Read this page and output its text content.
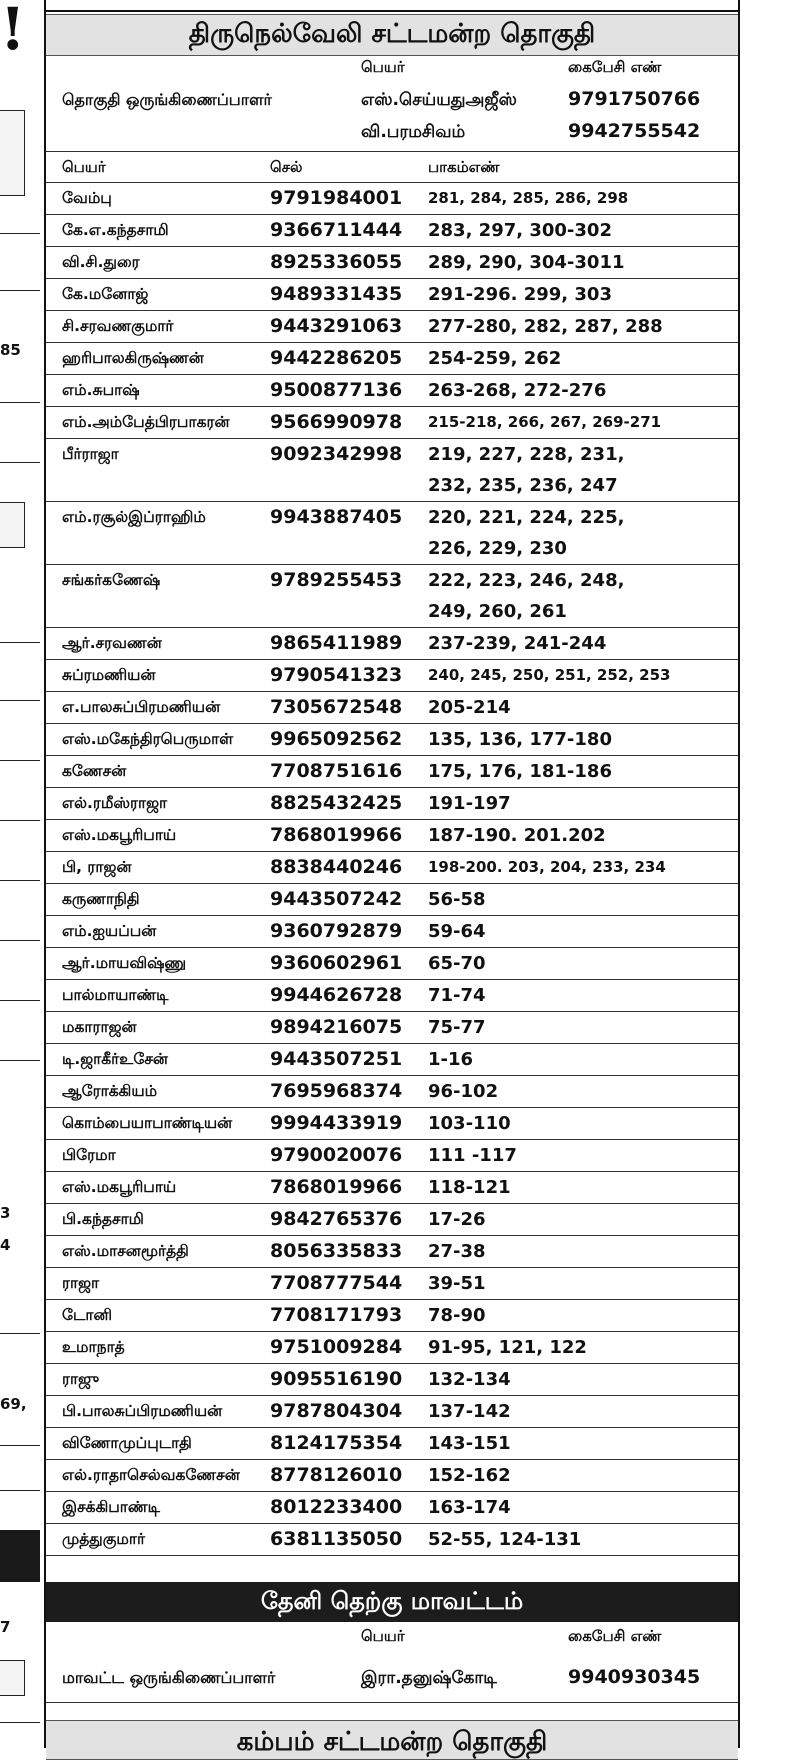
!
85
3
4
69,
7
திருநெல்வேலி சட்டமன்ற தொகுதி
பெயர்	கைபேசி எண்
தொகுதி ஒருங்கிணைப்பாளர்	எஸ்.செய்யதுஅஜீஸ்	9791750766
வி.பரமசிவம்	9942755542
பெயர்	செல்	பாகம்எண்
வேம்பு	9791984001	281, 284, 285, 286, 298

கே.எ.கந்தசாமி	9366711444	283, 297, 300-302

வி.சி.துரை	8925336055	289, 290, 304-3011

கே.மனோஜ்	9489331435	291-296. 299, 303

சி.சரவணகுமார்	9443291063	277-280, 282, 287, 288

ஹரிபாலகிருஷ்ணன்	9442286205	254-259, 262

எம்.சுபாஷ்	9500877136	263-268, 272-276

எம்.அம்பேத்பிரபாகரன்	9566990978	215-218, 266, 267, 269-271

பீர்ராஜா	9092342998	219, 227, 228, 231,
232, 235, 236, 247

எம்.ரசூல்இப்ராஹிம்	9943887405	220, 221, 224, 225,
226, 229, 230

சங்கர்கணேஷ்	9789255453	222, 223, 246, 248,
249, 260, 261

ஆர்.சரவணன்	9865411989	237-239, 241-244

சுப்ரமணியன்	9790541323	240, 245, 250, 251, 252, 253

எ.பாலசுப்பிரமணியன்	7305672548	205-214

எஸ்.மகேந்திரபெருமாள்	9965092562	135, 136, 177-180

கணேசன்	7708751616	175, 176, 181-186

எல்.ரமீஸ்ராஜா	8825432425	191-197

எஸ்.மகபூரிபாய்	7868019966	187-190. 201.202

பி, ராஜன்	8838440246	198-200. 203, 204, 233, 234

கருணாநிதி	9443507242	56-58

எம்.ஐயப்பன்	9360792879	59-64

ஆர்.மாயவிஷ்ணு	9360602961	65-70

பால்மாயாண்டி	9944626728	71-74

மகாராஜன்	9894216075	75-77

டி.ஜாகீர்உசேன்	9443507251	1-16

ஆரோக்கியம்	7695968374	96-102

கொம்பையாபாண்டியன்	9994433919	103-110

பிரேமா	9790020076	111 -117

எஸ்.மகபூரிபாய்	7868019966	118-121

பி.கந்தசாமி	9842765376	17-26

எஸ்.மாசனமூர்த்தி	8056335833	27-38

ராஜா	7708777544	39-51

டோனி	7708171793	78-90

உமாநாத்	9751009284	91-95, 121, 122

ராஜு	9095516190	132-134

பி.பாலசுப்பிரமணியன்	9787804304	137-142

விணோமுப்புடாதி	8124175354	143-151

எல்.ராதாசெல்வகணேசன்	8778126010	152-162

இசக்கிபாண்டி	8012233400	163-174

முத்துகுமார்	6381135050	52-55, 124-131
தேனி தெற்கு மாவட்டம்
பெயர்	கைபேசி எண்
மாவட்ட ஒருங்கிணைப்பாளர்	இரா.தனுஷ்கோடி	9940930345
கம்பம் சட்டமன்ற தொகுதி
